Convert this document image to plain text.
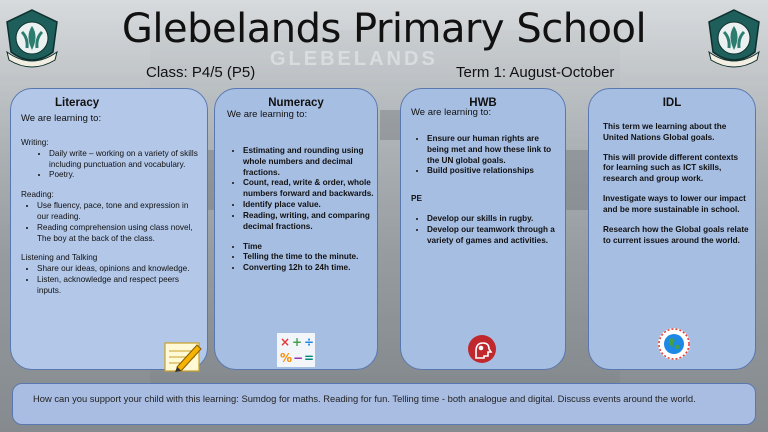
GLEBELANDS
Glebelands Primary School
Class: P4/5 (P5)	Term 1: August-October
Literacy
We are learning to:

Writing:

• Daily write – working on a variety of skills including punctuation and vocabulary.
• Poetry.

Reading:

• Use fluency, pace, tone and expression in our reading.
• Reading comprehension using class novel, The boy at the back of the class.

Listening and Talking

• Share our ideas, opinions and knowledge.
• Listen, acknowledge and respect peers inputs.
Numeracy
We are learning to:
• Estimating and rounding using whole numbers and decimal fractions.
• Count, read, write & order, whole numbers forward and backwards.
• Identify place value.
• Reading, writing, and comparing decimal fractions.
• Time
• Telling the time to the minute.
• Converting 12h to 24h time.
× + ÷
% − =
HWB
We are learning to:
• Ensure our human rights are being met and how these link to the UN global goals.
• Build positive relationships

PE

• Develop our skills in rugby.
• Develop our teamwork through a variety of games and activities.
IDL

This term we learning about the United Nations Global goals.

This will provide different contexts for learning such as ICT skills, research and group work.

Investigate ways to lower our impact and be more sustainable in school.

Research how the Global goals relate to current issues around the world.

How can you support your child with this learning: Sumdog for maths. Reading for fun. Telling time - both analogue and digital. Discuss events around the world.
